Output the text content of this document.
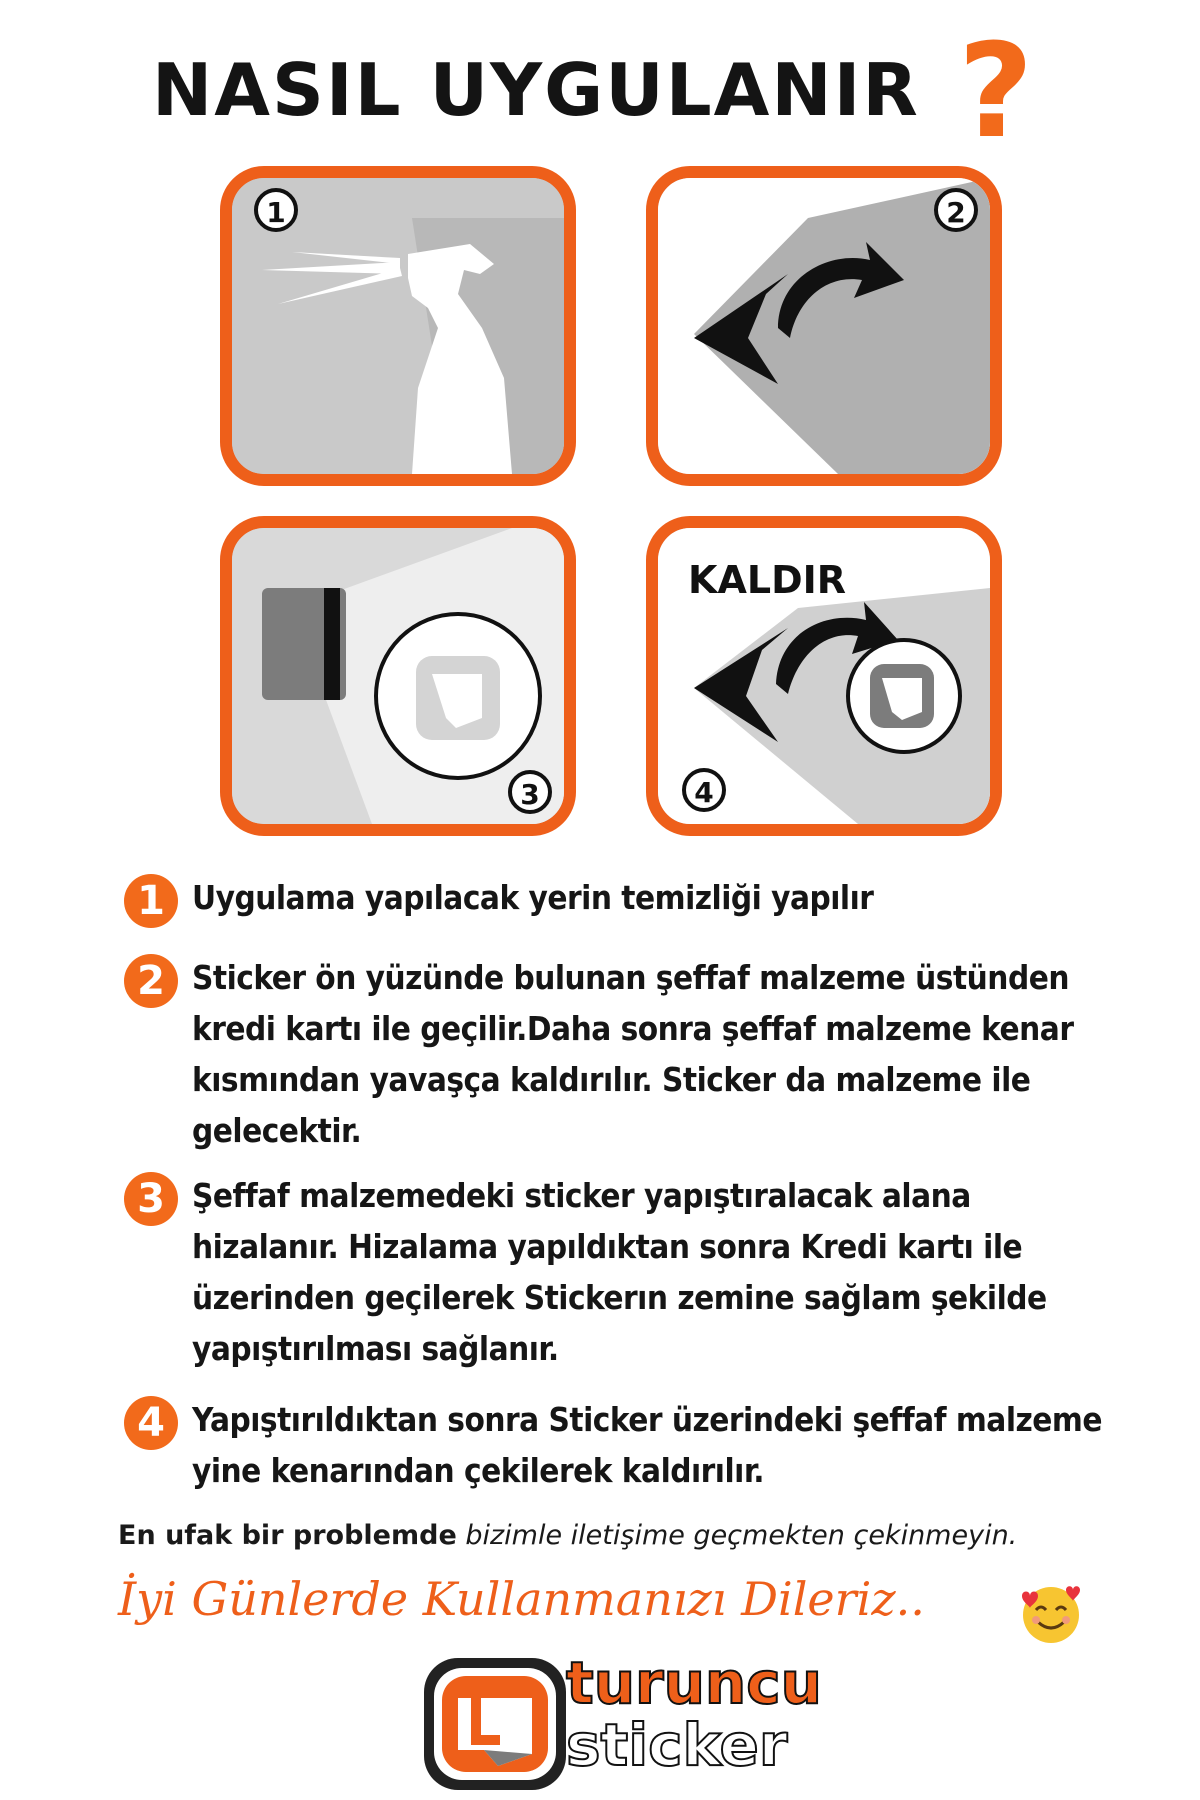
NASIL UYGULANIR ?
1	2
3	4
KALDIR
1 Uygulama yapılacak yerin temizliği yapılır
2 Sticker ön yüzünde bulunan şeffaf malzeme üstünden kredi kartı ile geçilir.Daha sonra şeffaf malzeme kenar kısmından yavaşça kaldırılır. Sticker da malzeme ile gelecektir.
3 Şeffaf malzemedeki sticker yapıştıralacak alana hizalanır. Hizalama yapıldıktan sonra Kredi kartı ile üzerinden geçilerek Stickerın zemine sağlam şekilde yapıştırılması sağlanır.
4 Yapıştırıldıktan sonra Sticker üzerindeki şeffaf malzeme yine kenarından çekilerek kaldırılır.
En ufak bir problemde bizimle iletişime geçmekten çekinmeyin.
İyi Günlerde Kullanmanızı Dileriz..
turuncu
sticker
